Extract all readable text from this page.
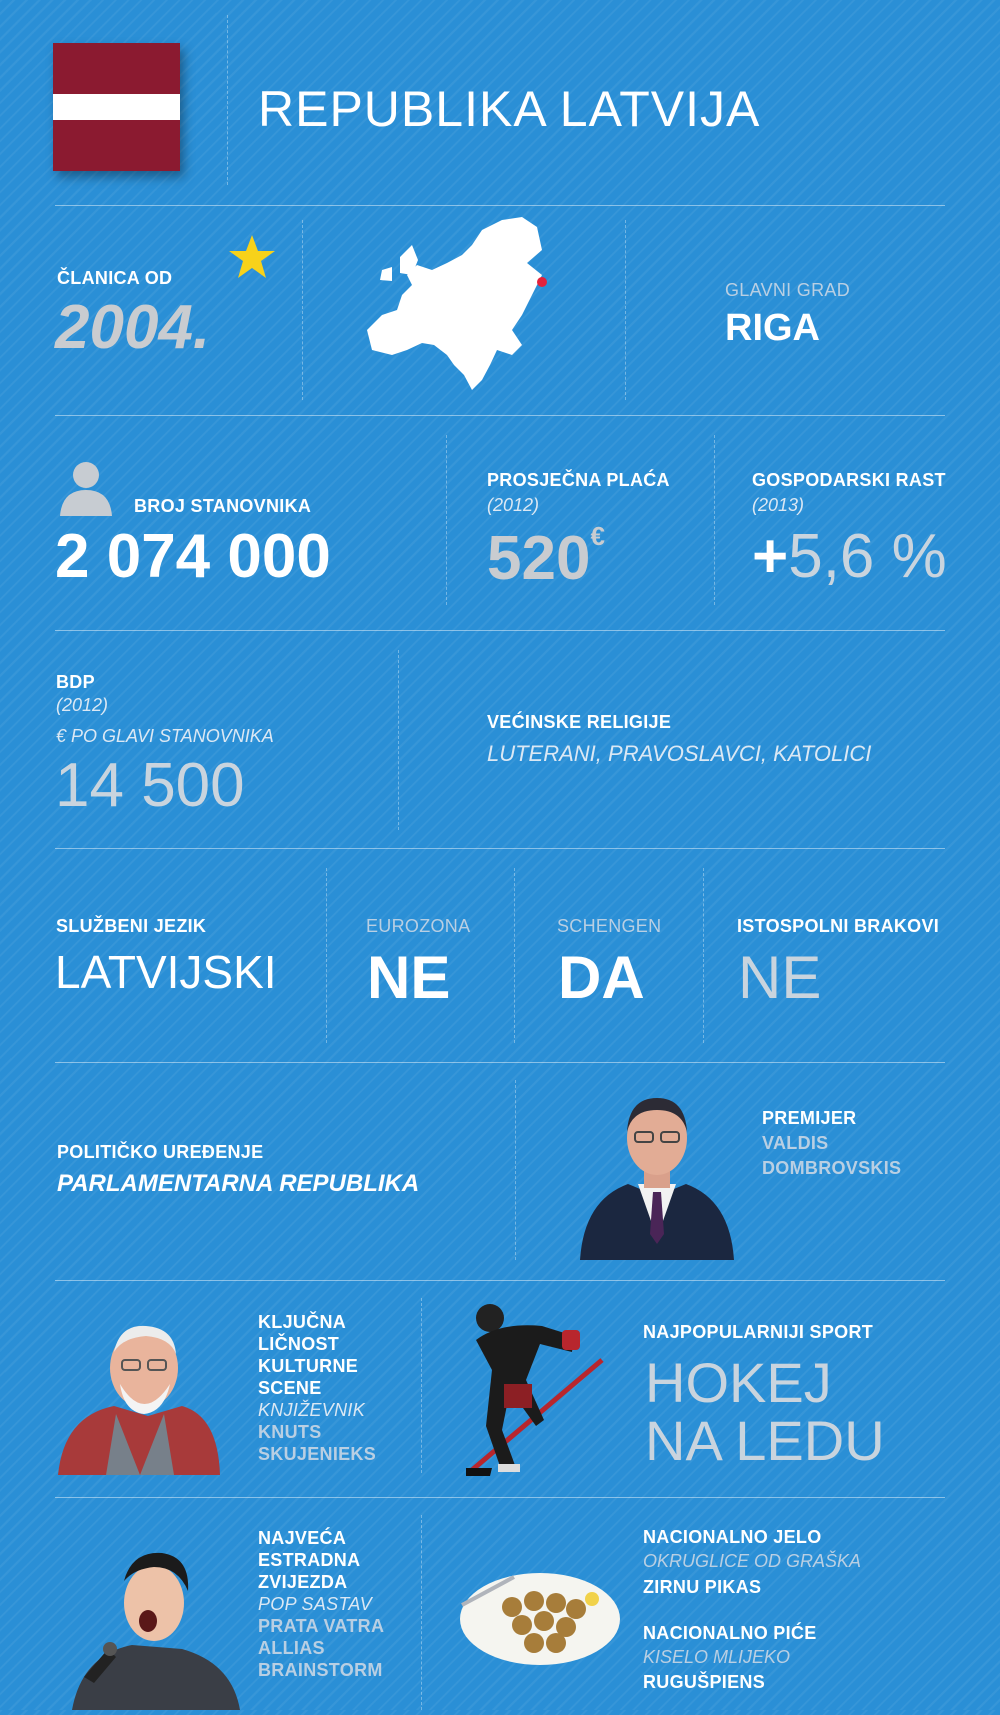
REPUBLIKA LATVIJA
ČLANICA OD
2004.
GLAVNI GRAD
RIGA
BROJ STANOVNIKA
2 074 000
PROSJEČNA PLAĆA
(2012)
520€
GOSPODARSKI RAST
(2013)
+5,6 %
BDP
(2012)
€ PO GLAVI STANOVNIKA
14 500
VEĆINSKE RELIGIJE
LUTERANI, PRAVOSLAVCI, KATOLICI
SLUŽBENI JEZIK
LATVIJSKI
EUROZONA
NE
SCHENGEN
DA
ISTOSPOLNI BRAKOVI
NE
POLITIČKO UREĐENJE
PARLAMENTARNA REPUBLIKA
PREMIJER
VALDIS
DOMBROVSKIS
KLJUČNA
LIČNOST
KULTURNE
SCENE
KNJIŽEVNIK
KNUTS
SKUJENIEKS
NAJPOPULARNIJI SPORT
HOKEJ
NA LEDU
NAJVEĆA
ESTRADNA
ZVIJEZDA
POP SASTAV
PRATA VATRA
ALLIAS
BRAINSTORM
NACIONALNO JELO
OKRUGLICE OD GRAŠKA
ZIRNU PIKAS
NACIONALNO PIĆE
KISELO MLIJEKO
RUGUŠPIENS
